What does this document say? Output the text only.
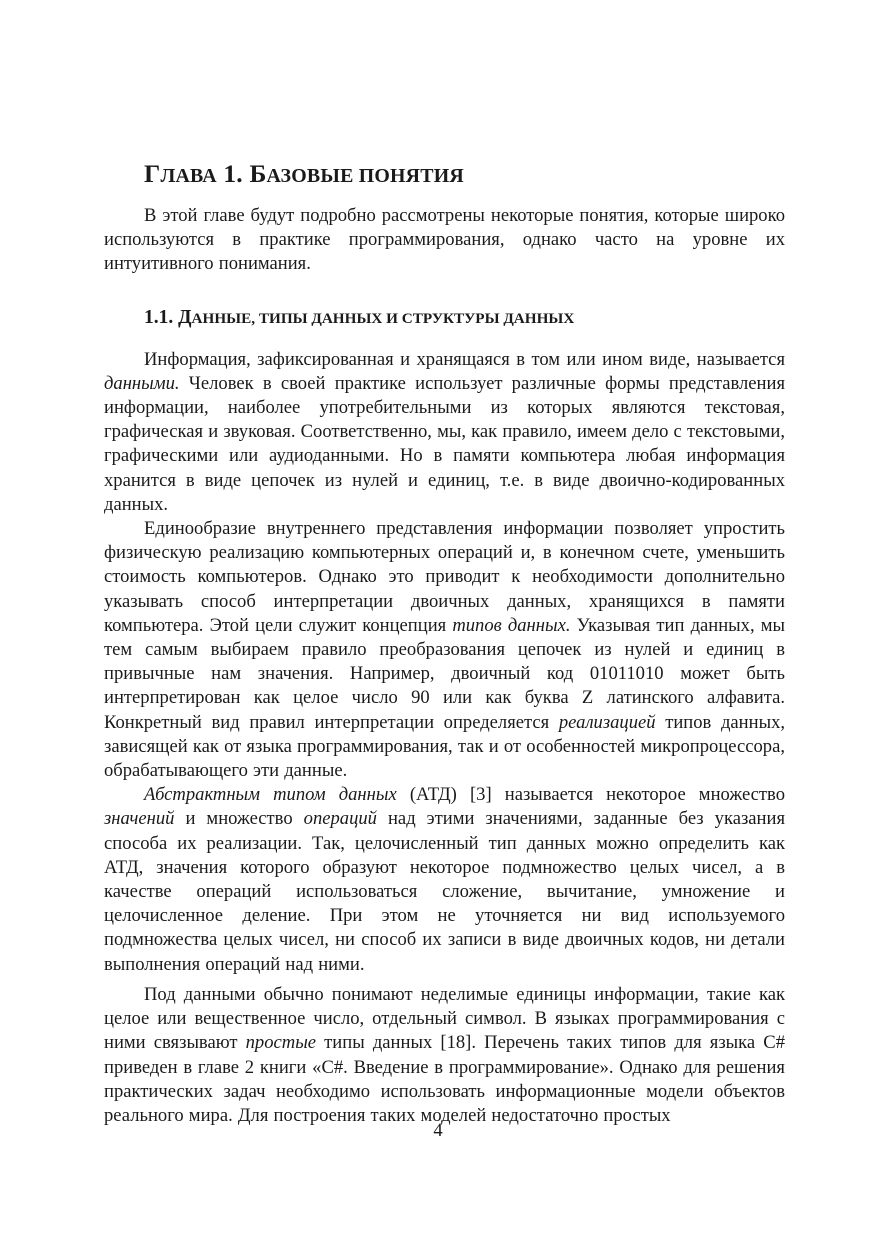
ГЛАВА 1. БАЗОВЫЕ ПОНЯТИЯ

В этой главе будут подробно рассмотрены некоторые понятия, которые широко используются в практике программирования, однако часто на уровне их интуитивного понимания.

1.1. ДАННЫЕ, ТИПЫ ДАННЫХ И СТРУКТУРЫ ДАННЫХ

Информация, зафиксированная и хранящаяся в том или ином виде, называется данными. Человек в своей практике использует различные формы представления информации, наиболее употребительными из которых являются текстовая, графическая и звуковая. Соответственно, мы, как правило, имеем дело с текстовыми, графическими или аудиоданными. Но в памяти компьютера любая информация хранится в виде цепочек из нулей и единиц, т.е. в виде двоично-кодированных данных.

Единообразие внутреннего представления информации позволяет упростить физическую реализацию компьютерных операций и, в конечном счете, уменьшить стоимость компьютеров. Однако это приводит к необходимости дополнительно указывать способ интерпретации двоичных данных, хранящихся в памяти компьютера. Этой цели служит концепция типов данных. Указывая тип данных, мы тем самым выбираем правило преобразования цепочек из нулей и единиц в привычные нам значения. Например, двоичный код 01011010 может быть интерпретирован как целое число 90 или как буква Z латинского алфавита. Конкретный вид правил интерпретации определяется реализацией типов данных, зависящей как от языка программирования, так и от особенностей микропроцессора, обрабатывающего эти данные.

Абстрактным типом данных (АТД) [3] называется некоторое множество значений и множество операций над этими значениями, заданные без указания способа их реализации. Так, целочисленный тип данных можно определить как АТД, значения которого образуют некоторое подмножество целых чисел, а в качестве операций использоваться сложение, вычитание, умножение и целочисленное деление. При этом не уточняется ни вид используемого подмножества целых чисел, ни способ их записи в виде двоичных кодов, ни детали выполнения операций над ними.

Под данными обычно понимают неделимые единицы информации, такие как целое или вещественное число, отдельный символ. В языках программирования с ними связывают простые типы данных [18]. Перечень таких типов для языка C# приведен в главе 2 книги «C#. Введение в программирование». Однако для решения практических задач необходимо использовать информационные модели объектов реального мира. Для построения таких моделей недостаточно простых

4
